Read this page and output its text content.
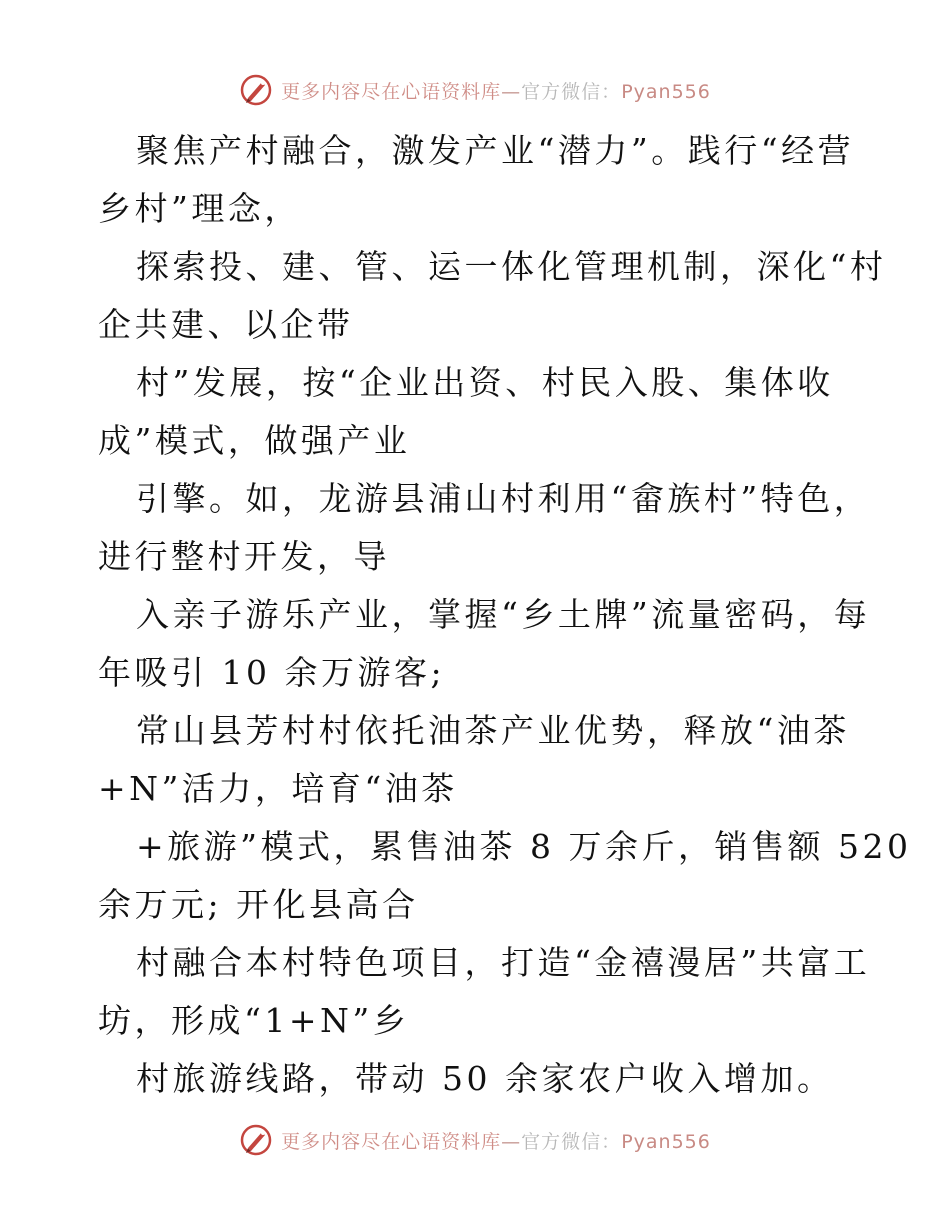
更多内容尽在心语资料库—官方微信：Pyan556
聚焦产村融合，激发产业“潜力”。践行“经营
乡村”理念，
探索投、建、管、运一体化管理机制，深化“村
企共建、以企带
村”发展，按“企业出资、村民入股、集体收
成”模式，做强产业
引擎。如，龙游县浦山村利用“畲族村”特色，
进行整村开发，导
入亲子游乐产业，掌握“乡土牌”流量密码，每
年吸引 10 余万游客;
常山县芳村村依托油茶产业优势，释放“油茶
+N”活力，培育“油茶
+旅游”模式，累售油茶 8 万余斤，销售额 520
余万元; 开化县高合
村融合本村特色项目，打造“金禧漫居”共富工
坊，形成“1+N”乡
村旅游线路，带动 50 余家农户收入增加。
更多内容尽在心语资料库—官方微信：Pyan556
